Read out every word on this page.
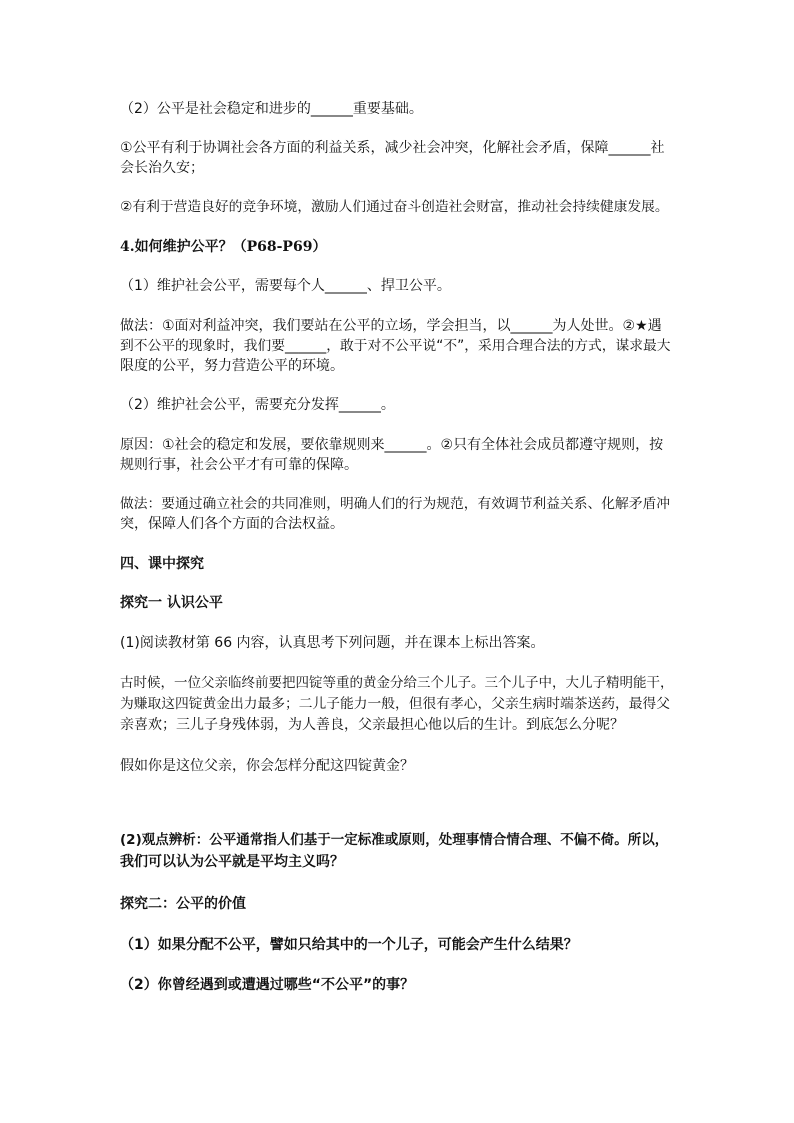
（2）公平是社会稳定和进步的______重要基础。
①公平有利于协调社会各方面的利益关系，减少社会冲突，化解社会矛盾，保障______社
会长治久安；
②有利于营造良好的竞争环境，激励人们通过奋斗创造社会财富，推动社会持续健康发展。
4.如何维护公平？（P68-P69）
（1）维护社会公平，需要每个人______、捍卫公平。
做法：①面对利益冲突，我们要站在公平的立场，学会担当，以______为人处世。②★遇
到不公平的现象时，我们要______，敢于对不公平说“不”，采用合理合法的方式，谋求最大
限度的公平，努力营造公平的环境。
（2）维护社会公平，需要充分发挥______。
原因：①社会的稳定和发展，要依靠规则来______。②只有全体社会成员都遵守规则，按
规则行事，社会公平才有可靠的保障。
做法：要通过确立社会的共同准则，明确人们的行为规范，有效调节利益关系、化解矛盾冲
突，保障人们各个方面的合法权益。
四、课中探究
探究一 认识公平
(1)阅读教材第 66 内容，认真思考下列问题，并在课本上标出答案。
古时候，一位父亲临终前要把四锭等重的黄金分给三个儿子。三个儿子中，大儿子精明能干，
为赚取这四锭黄金出力最多；二儿子能力一般，但很有孝心，父亲生病时端茶送药，最得父
亲喜欢；三儿子身残体弱，为人善良，父亲最担心他以后的生计。到底怎么分呢？
假如你是这位父亲，你会怎样分配这四锭黄金？
(2)观点辨析：公平通常指人们基于一定标准或原则，处理事情合情合理、不偏不倚。所以，
我们可以认为公平就是平均主义吗？
探究二：公平的价值
（1）如果分配不公平，譬如只给其中的一个儿子，可能会产生什么结果？
（2）你曾经遇到或遭遇过哪些“不公平”的事？
